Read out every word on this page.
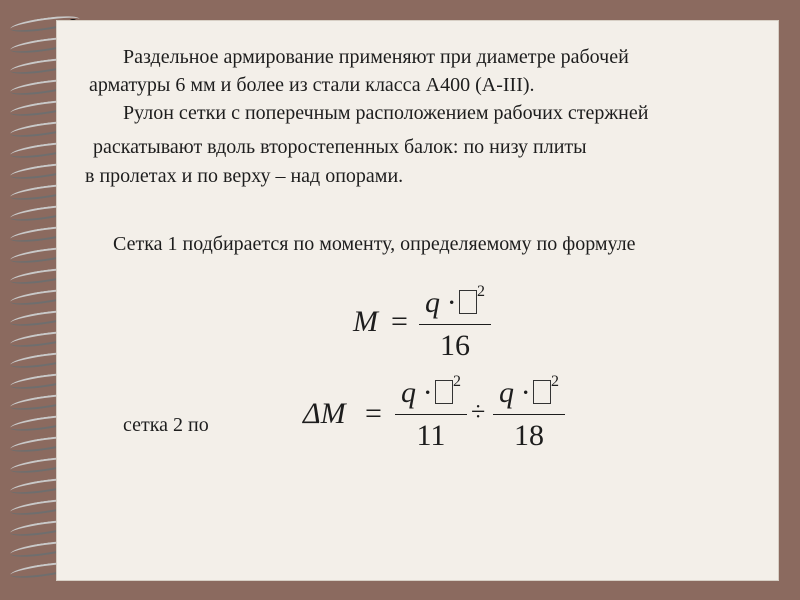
Раздельное армирование применяют при диаметре рабочей
арматуры 6 мм и более из стали класса А400 (А-III).
Рулон сетки с поперечным расположением рабочих стержней
раскатывают вдоль второстепенных балок: по низу плиты
в пролетах и по верху – над опорами.
Сетка 1 подбирается по моменту, определяемому по формуле
M =
q · $^2$
16
сетка 2 по	ΔM =
q · $^2$
11
÷
q · $^2$
18
